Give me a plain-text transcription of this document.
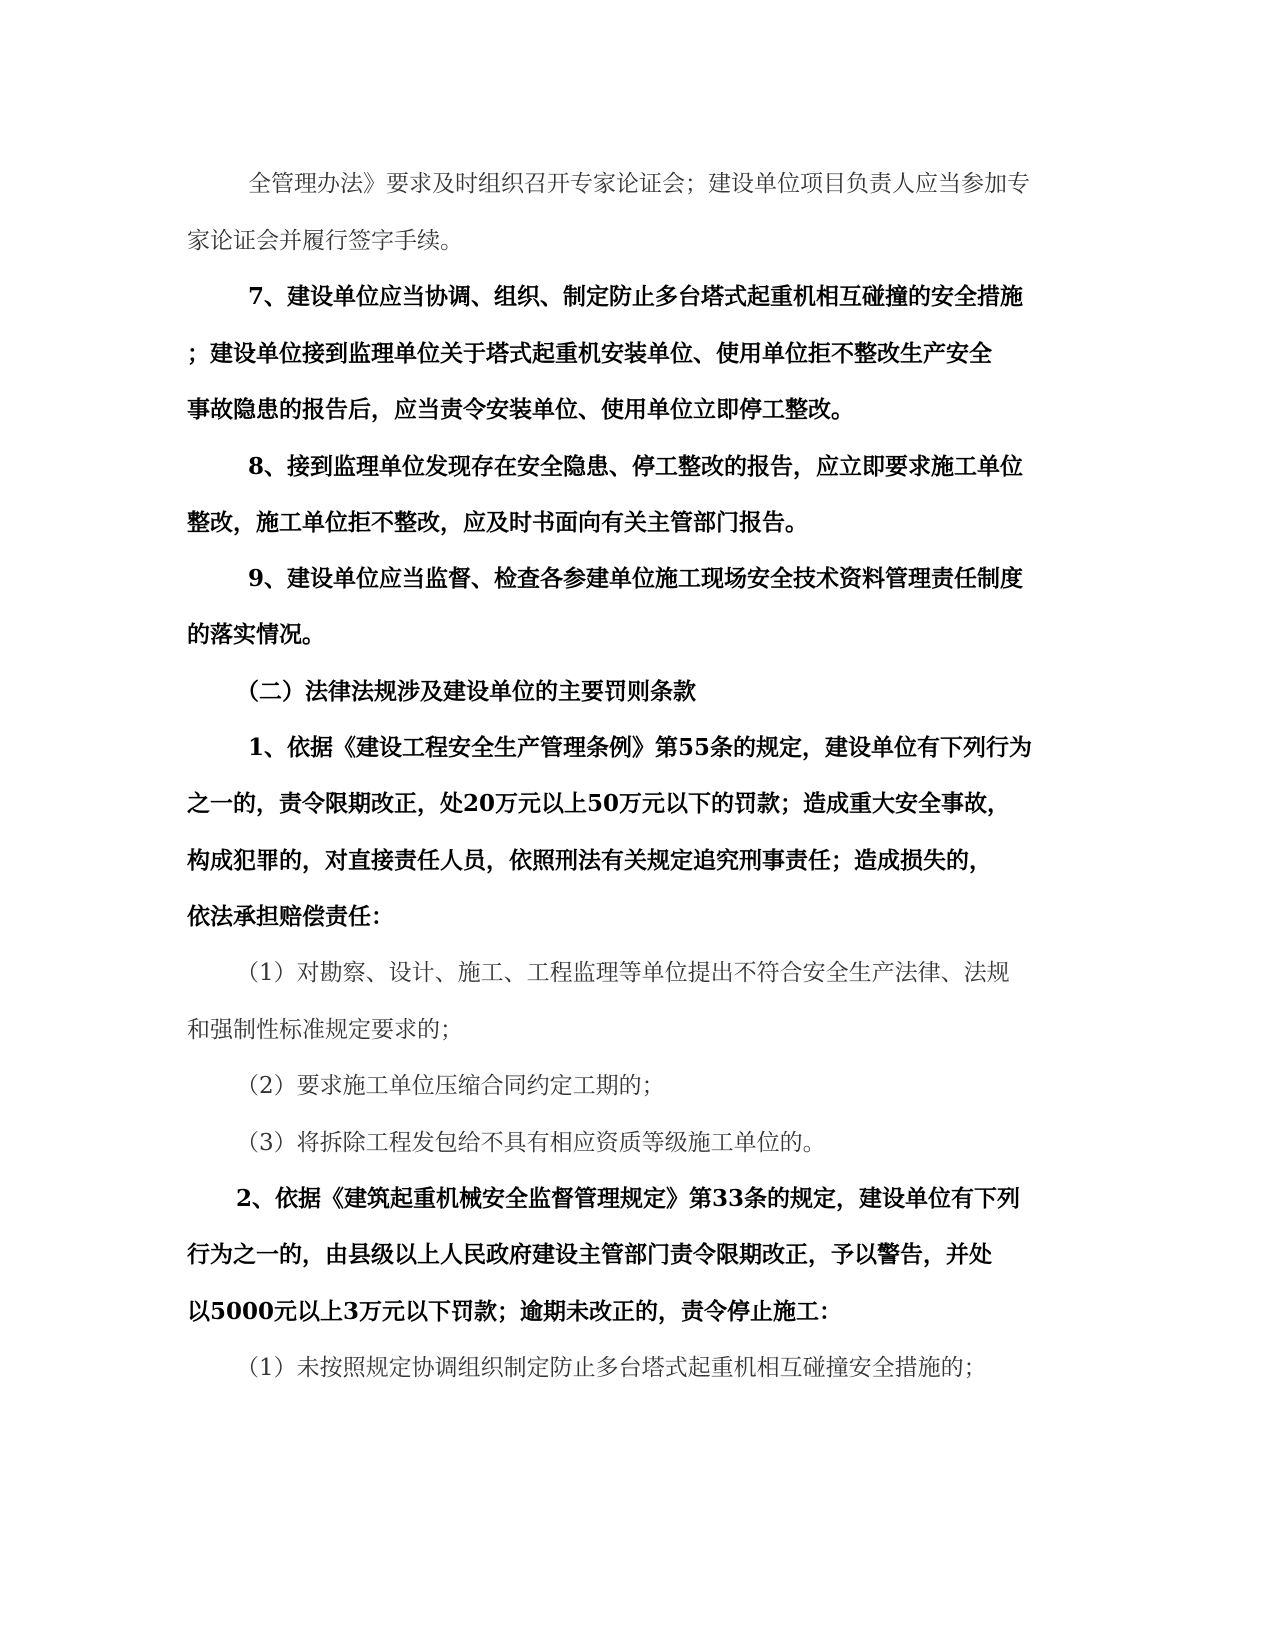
全管理办法》要求及时组织召开专家论证会；建设单位项目负责人应当参加专
家论证会并履行签字手续。
7、建设单位应当协调、组织、制定防止多台塔式起重机相互碰撞的安全措施
；建设单位接到监理单位关于塔式起重机安装单位、使用单位拒不整改生产安全
事故隐患的报告后，应当责令安装单位、使用单位立即停工整改。
8、接到监理单位发现存在安全隐患、停工整改的报告，应立即要求施工单位
整改，施工单位拒不整改，应及时书面向有关主管部门报告。
9、建设单位应当监督、检查各参建单位施工现场安全技术资料管理责任制度
的落实情况。
（二）法律法规涉及建设单位的主要罚则条款
1、依据《建设工程安全生产管理条例》第55条的规定，建设单位有下列行为
之一的，责令限期改正，处20万元以上50万元以下的罚款；造成重大安全事故，
构成犯罪的，对直接责任人员，依照刑法有关规定追究刑事责任；造成损失的，
依法承担赔偿责任：
（1）对勘察、设计、施工、工程监理等单位提出不符合安全生产法律、法规
和强制性标准规定要求的；
（2）要求施工单位压缩合同约定工期的；
（3）将拆除工程发包给不具有相应资质等级施工单位的。
2、依据《建筑起重机械安全监督管理规定》第33条的规定，建设单位有下列
行为之一的，由县级以上人民政府建设主管部门责令限期改正，予以警告，并处
以5000元以上3万元以下罚款；逾期未改正的，责令停止施工：
（1）未按照规定协调组织制定防止多台塔式起重机相互碰撞安全措施的；
